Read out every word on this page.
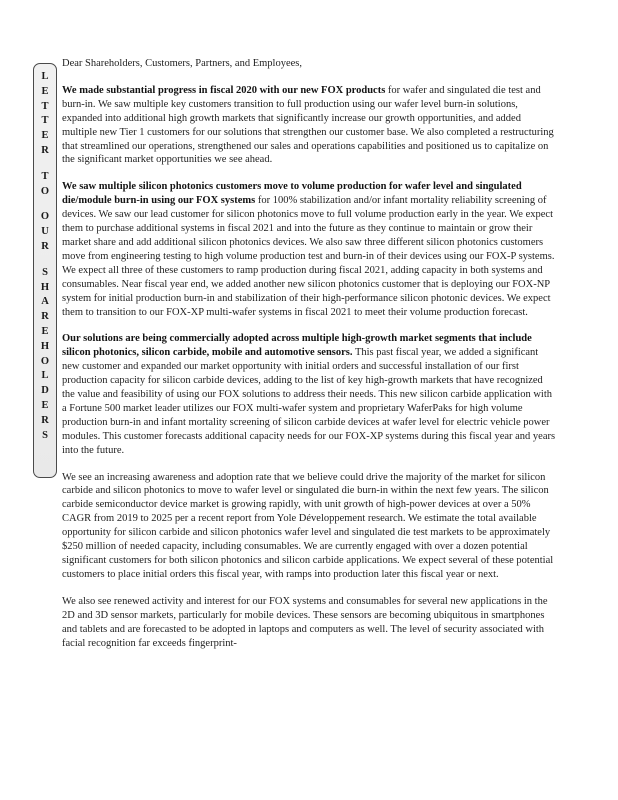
L
E
T
T
E
R
T
O
O
U
R
S
H
A
R
E
H
O
L
D
E
R
S

Dear Shareholders, Customers, Partners, and Employees,

We made substantial progress in fiscal 2020 with our new FOX products for wafer and singulated die test and burn-in. We saw multiple key customers transition to full production using our wafer level burn-in solutions, expanded into additional high growth markets that significantly increase our growth opportunities, and added multiple new Tier 1 customers for our solutions that strengthen our customer base. We also completed a restructuring that streamlined our operations, strengthened our sales and operations capabilities and positioned us to capitalize on the significant market opportunities we see ahead.

We saw multiple silicon photonics customers move to volume production for wafer level and singulated die/module burn-in using our FOX systems for 100% stabilization and/or infant mortality reliability screening of devices. We saw our lead customer for silicon photonics move to full volume production early in the year. We expect them to purchase additional systems in fiscal 2021 and into the future as they continue to maintain or grow their market share and add additional silicon photonics devices. We also saw three different silicon photonics customers move from engineering testing to high volume production test and burn-in of their devices using our FOX-P systems. We expect all three of these customers to ramp production during fiscal 2021, adding capacity in both systems and consumables. Near fiscal year end, we added another new silicon photonics customer that is deploying our FOX-NP system for initial production burn-in and stabilization of their high-performance silicon photonic devices. We expect them to transition to our FOX-XP multi-wafer systems in fiscal 2021 to meet their volume production forecast.

Our solutions are being commercially adopted across multiple high-growth market segments that include silicon photonics, silicon carbide, mobile and automotive sensors. This past fiscal year, we added a significant new customer and expanded our market opportunity with initial orders and successful installation of our first production capacity for silicon carbide devices, adding to the list of key high-growth markets that have recognized the value and feasibility of using our FOX solutions to address their needs. This new silicon carbide application with a Fortune 500 market leader utilizes our FOX multi-wafer system and proprietary WaferPaks for high volume production burn-in and infant mortality screening of silicon carbide devices at wafer level for electric vehicle power modules. This customer forecasts additional capacity needs for our FOX-XP systems during this fiscal year and years into the future.

We see an increasing awareness and adoption rate that we believe could drive the majority of the market for silicon carbide and silicon photonics to move to wafer level or singulated die burn-in within the next few years. The silicon carbide semiconductor device market is growing rapidly, with unit growth of high-power devices at over a 50% CAGR from 2019 to 2025 per a recent report from Yole Développement research. We estimate the total available opportunity for silicon carbide and silicon photonics wafer level and singulated die test markets to be approximately $250 million of needed capacity, including consumables. We are currently engaged with over a dozen potential significant customers for both silicon photonics and silicon carbide applications. We expect several of these potential customers to place initial orders this fiscal year, with ramps into production later this fiscal year or next.

We also see renewed activity and interest for our FOX systems and consumables for several new applications in the 2D and 3D sensor markets, particularly for mobile devices. These sensors are becoming ubiquitous in smartphones and tablets and are forecasted to be adopted in laptops and computers as well. The level of security associated with facial recognition far exceeds fingerprint-
